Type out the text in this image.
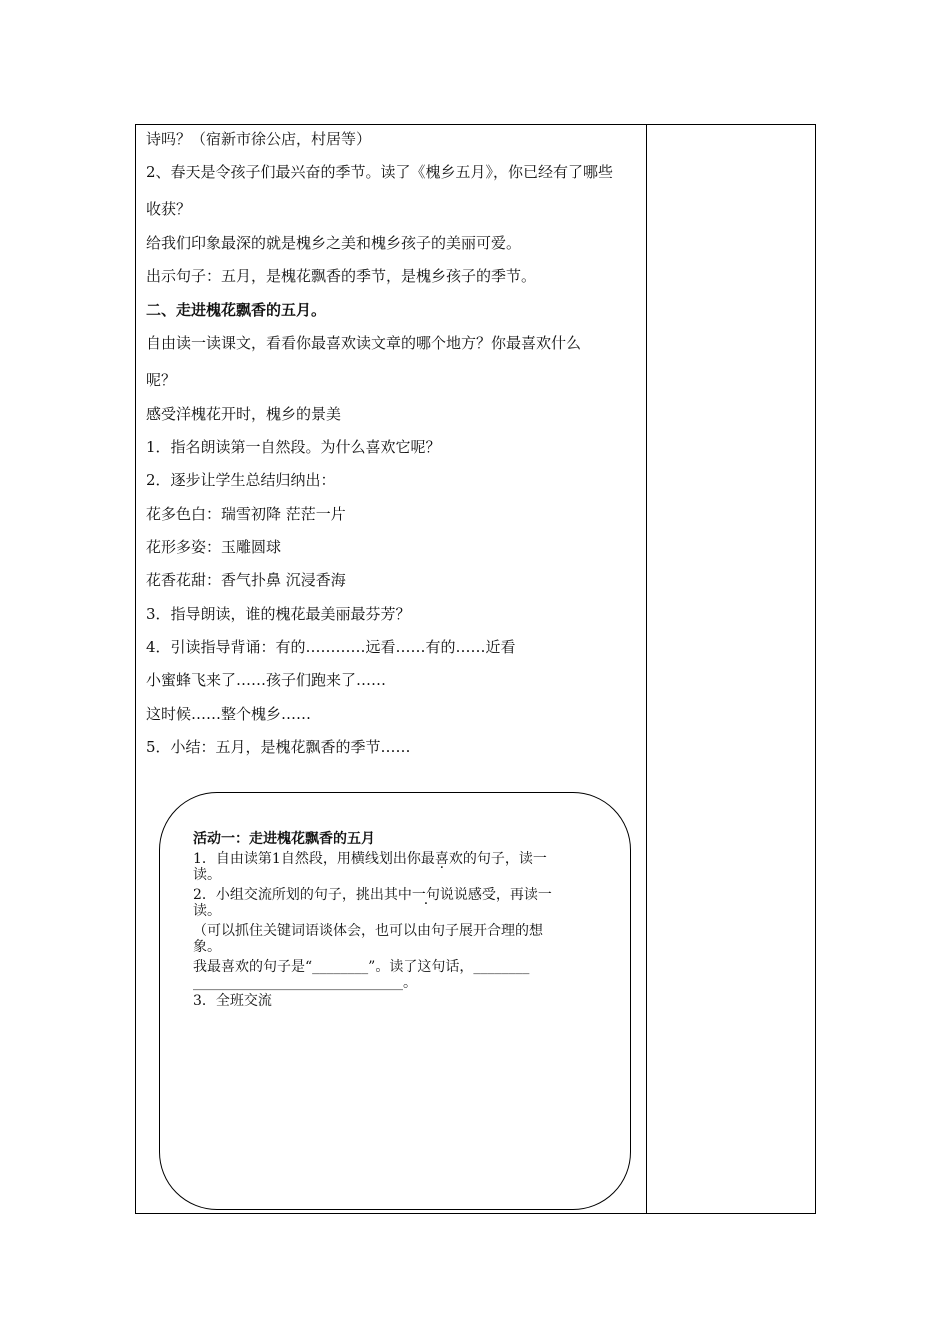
诗吗？（宿新市徐公店，村居等）
2、春天是令孩子们最兴奋的季节。读了《槐乡五月》，你已经有了哪些
收获？
给我们印象最深的就是槐乡之美和槐乡孩子的美丽可爱。
出示句子：五月，是槐花飘香的季节，是槐乡孩子的季节。
二、走进槐花飘香的五月。
自由读一读课文，看看你最喜欢读文章的哪个地方？你最喜欢什么
呢？
感受洋槐花开时，槐乡的景美
1．指名朗读第一自然段。为什么喜欢它呢？
2．逐步让学生总结归纳出：
花多色白：瑞雪初降 茫茫一片
花形多姿：玉雕圆球
花香花甜：香气扑鼻 沉浸香海
3．指导朗读，谁的槐花最美丽最芬芳？
4．引读指导背诵：有的…………远看……有的……近看
小蜜蜂飞来了……孩子们跑来了……
这时候……整个槐乡……
5．小结：五月，是槐花飘香的季节……
活动一：走进槐花飘香的五月
1．自由读第1自然段，用横线划出你最喜欢的句子，读一
读。
2．小组交流所划的句子，挑出其中一句说说感受，再读一
读。
（可以抓住关键词语谈体会，也可以由句子展开合理的想
象。
我最喜欢的句子是“________”。读了这句话，________
______________________________。
3．全班交流
